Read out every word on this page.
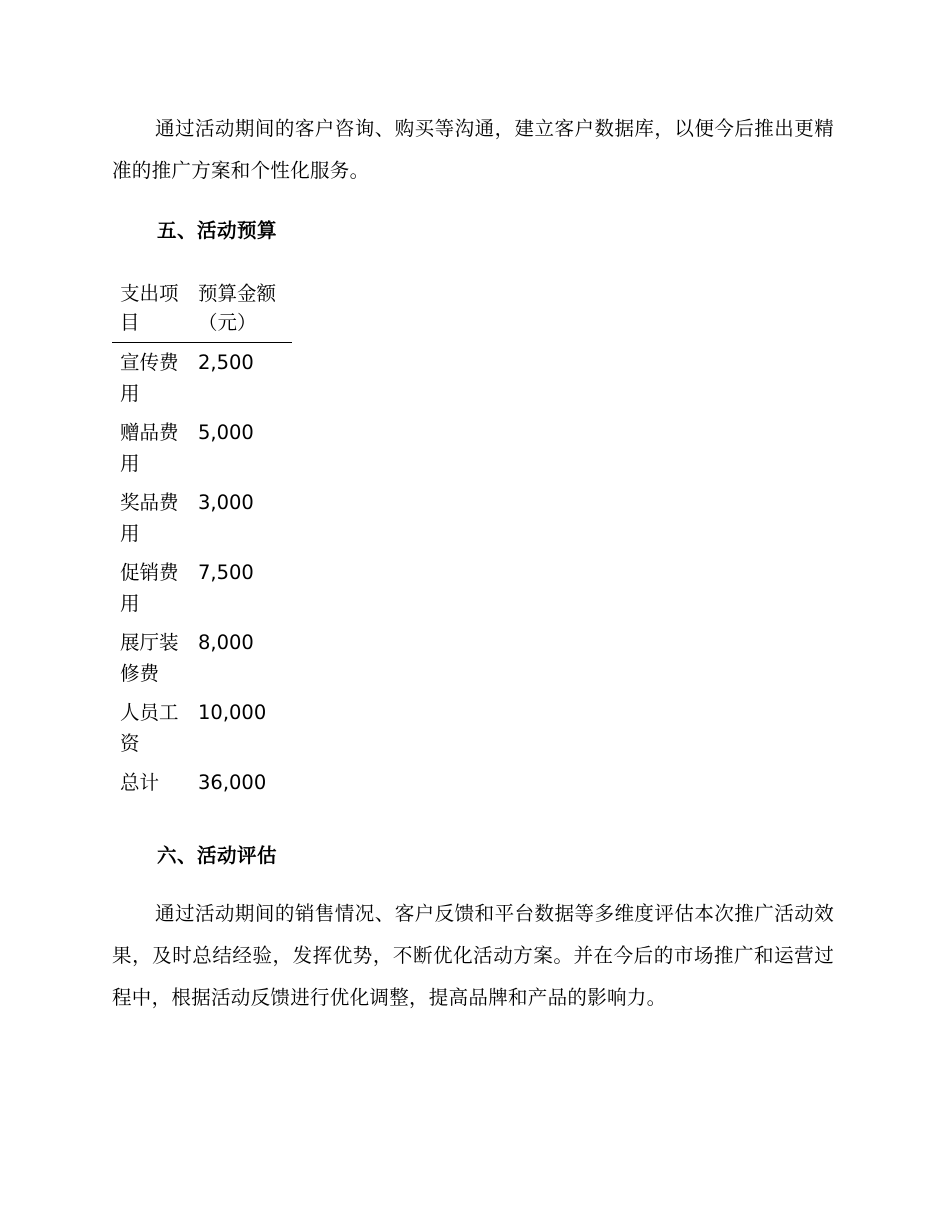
通过活动期间的客户咨询、购买等沟通，建立客户数据库，以便今后推出更精准的推广方案和个性化服务。

五、活动预算
支出项目	预算金额（元）
宣传费用	2,500
赠品费用	5,000
奖品费用	3,000
促销费用	7,500
展厅装修费	8,000
人员工资	10,000
总计	36,000
六、活动评估

通过活动期间的销售情况、客户反馈和平台数据等多维度评估本次推广活动效果，及时总结经验，发挥优势，不断优化活动方案。并在今后的市场推广和运营过程中，根据活动反馈进行优化调整，提高品牌和产品的影响力。
